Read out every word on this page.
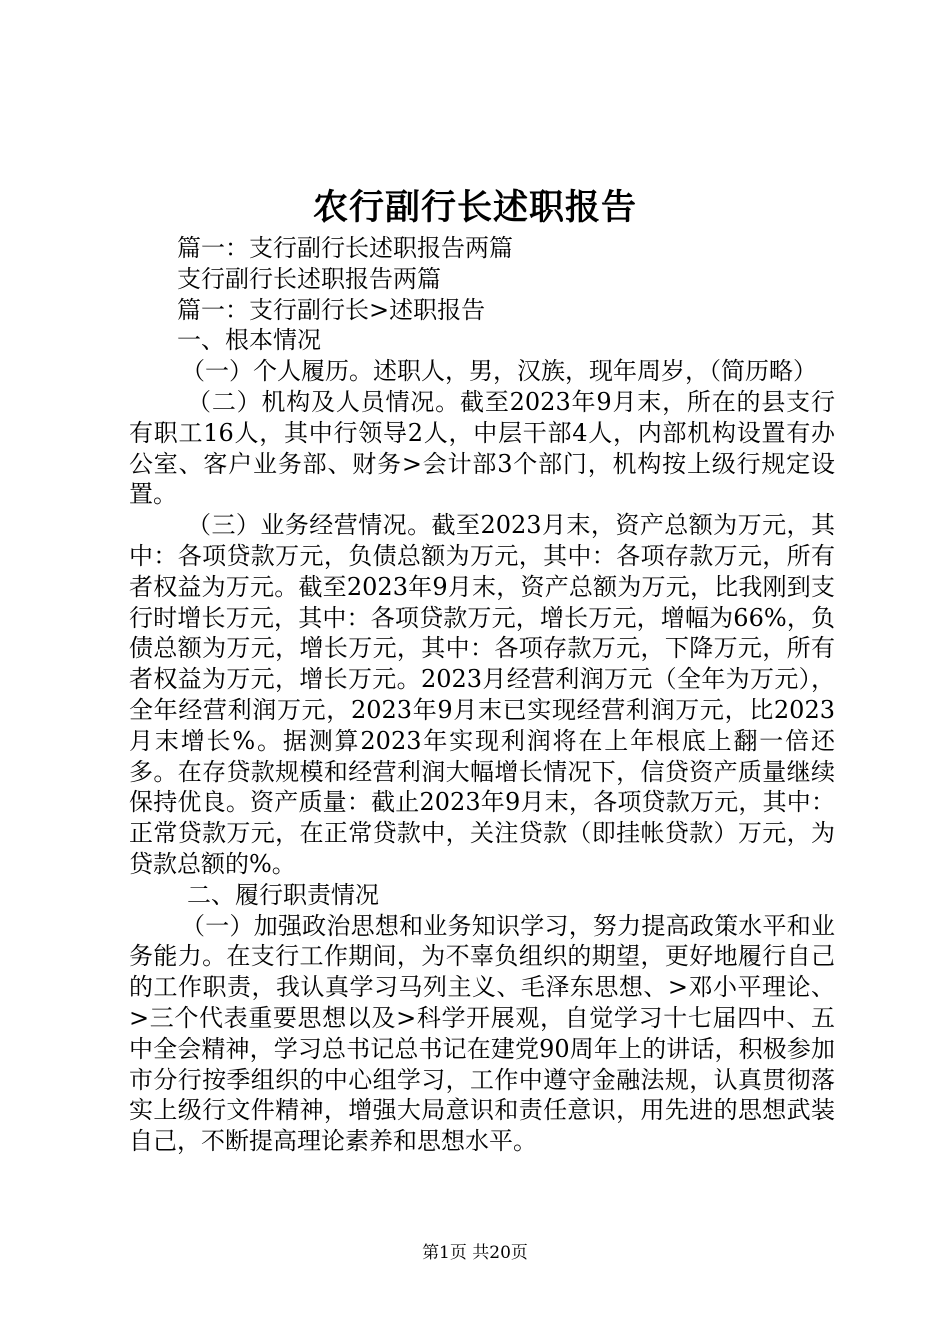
农行副行长述职报告

篇一：支行副行长述职报告两篇

支行副行长述职报告两篇

篇一：支行副行长>述职报告

一、根本情况

（一）个人履历。述职人，男，汉族，现年周岁，（简历略）

（二）机构及人员情况。截至2023年9月末，所在的县支行有职工16人，其中行领导2人，中层干部4人，内部机构设置有办公室、客户业务部、财务>会计部3个部门，机构按上级行规定设置。

（三）业务经营情况。截至2023月末，资产总额为万元，其中：各项贷款万元，负债总额为万元，其中：各项存款万元，所有者权益为万元。截至2023年9月末，资产总额为万元，比我刚到支行时增长万元，其中：各项贷款万元，增长万元，增幅为66%，负债总额为万元，增长万元，其中：各项存款万元，下降万元，所有者权益为万元，增长万元。2023月经营利润万元（全年为万元），全年经营利润万元，2023年9月末已实现经营利润万元，比2023月末增长%。据测算2023年实现利润将在上年根底上翻一倍还多。在存贷款规模和经营利润大幅增长情况下，信贷资产质量继续保持优良。资产质量：截止2023年9月末，各项贷款万元，其中：正常贷款万元，在正常贷款中，关注贷款（即挂帐贷款）万元，为贷款总额的%。

二、履行职责情况

（一）加强政治思想和业务知识学习，努力提高政策水平和业务能力。在支行工作期间，为不辜负组织的期望，更好地履行自己的工作职责，我认真学习马列主义、毛泽东思想、>邓小平理论、>三个代表重要思想以及>科学开展观，自觉学习十七届四中、五中全会精神，学习总书记总书记在建党90周年上的讲话，积极参加市分行按季组织的中心组学习，工作中遵守金融法规，认真贯彻落实上级行文件精神，增强大局意识和责任意识，用先进的思想武装自己，不断提高理论素养和思想水平。

第1页 共20页
